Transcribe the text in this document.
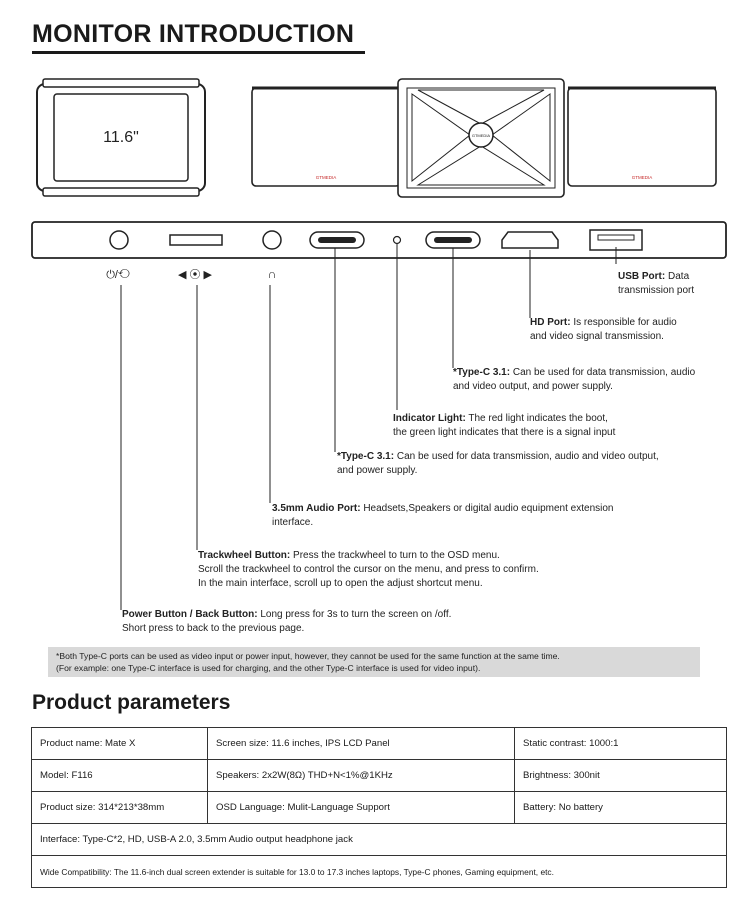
MONITOR INTRODUCTION
11.6"
GTMEDIA
GTMEDIA
GTMEDIA
⏻/⟲	◀ ⦿ ▶	∩	USB Port: Data
transmission port
HD Port: Is responsible for audio
and video signal transmission.
*Type-C 3.1: Can be used for data transmission, audio
and video output, and power supply.
Indicator Light: The red light indicates the boot,
the green light indicates that there is a signal input
*Type-C 3.1: Can be used for data transmission, audio and video output,
and power supply.
3.5mm Audio Port: Headsets,Speakers or digital audio equipment extension
interface.
Trackwheel Button: Press the trackwheel to turn to the OSD menu.
Scroll the trackwheel to control the cursor on the menu, and press to confirm.
In the main interface, scroll up to open the adjust shortcut menu.
Power Button / Back Button: Long press for 3s to turn the screen on /off.
Short press to back to the previous page.
*Both Type-C ports can be used as video input or power input, however, they cannot be used for the same function at the same time.
(For example: one Type-C interface is used for charging, and the other Type-C interface is used for video input).
Product parameters
Product name: Mate X	Screen size: 11.6 inches, IPS LCD Panel	Static contrast: 1000:1
Model: F116	Speakers: 2x2W(8Ω) THD+N<1%@1KHz	Brightness: 300nit
Product size: 314*213*38mm	OSD Language: Mulit-Language Support	Battery: No battery
Interface: Type-C*2, HD, USB-A 2.0, 3.5mm Audio output headphone jack		
Wide Compatibility: The 11.6-inch dual screen extender is suitable for 13.0 to 17.3 inches laptops, Type-C phones, Gaming equipment, etc.		
